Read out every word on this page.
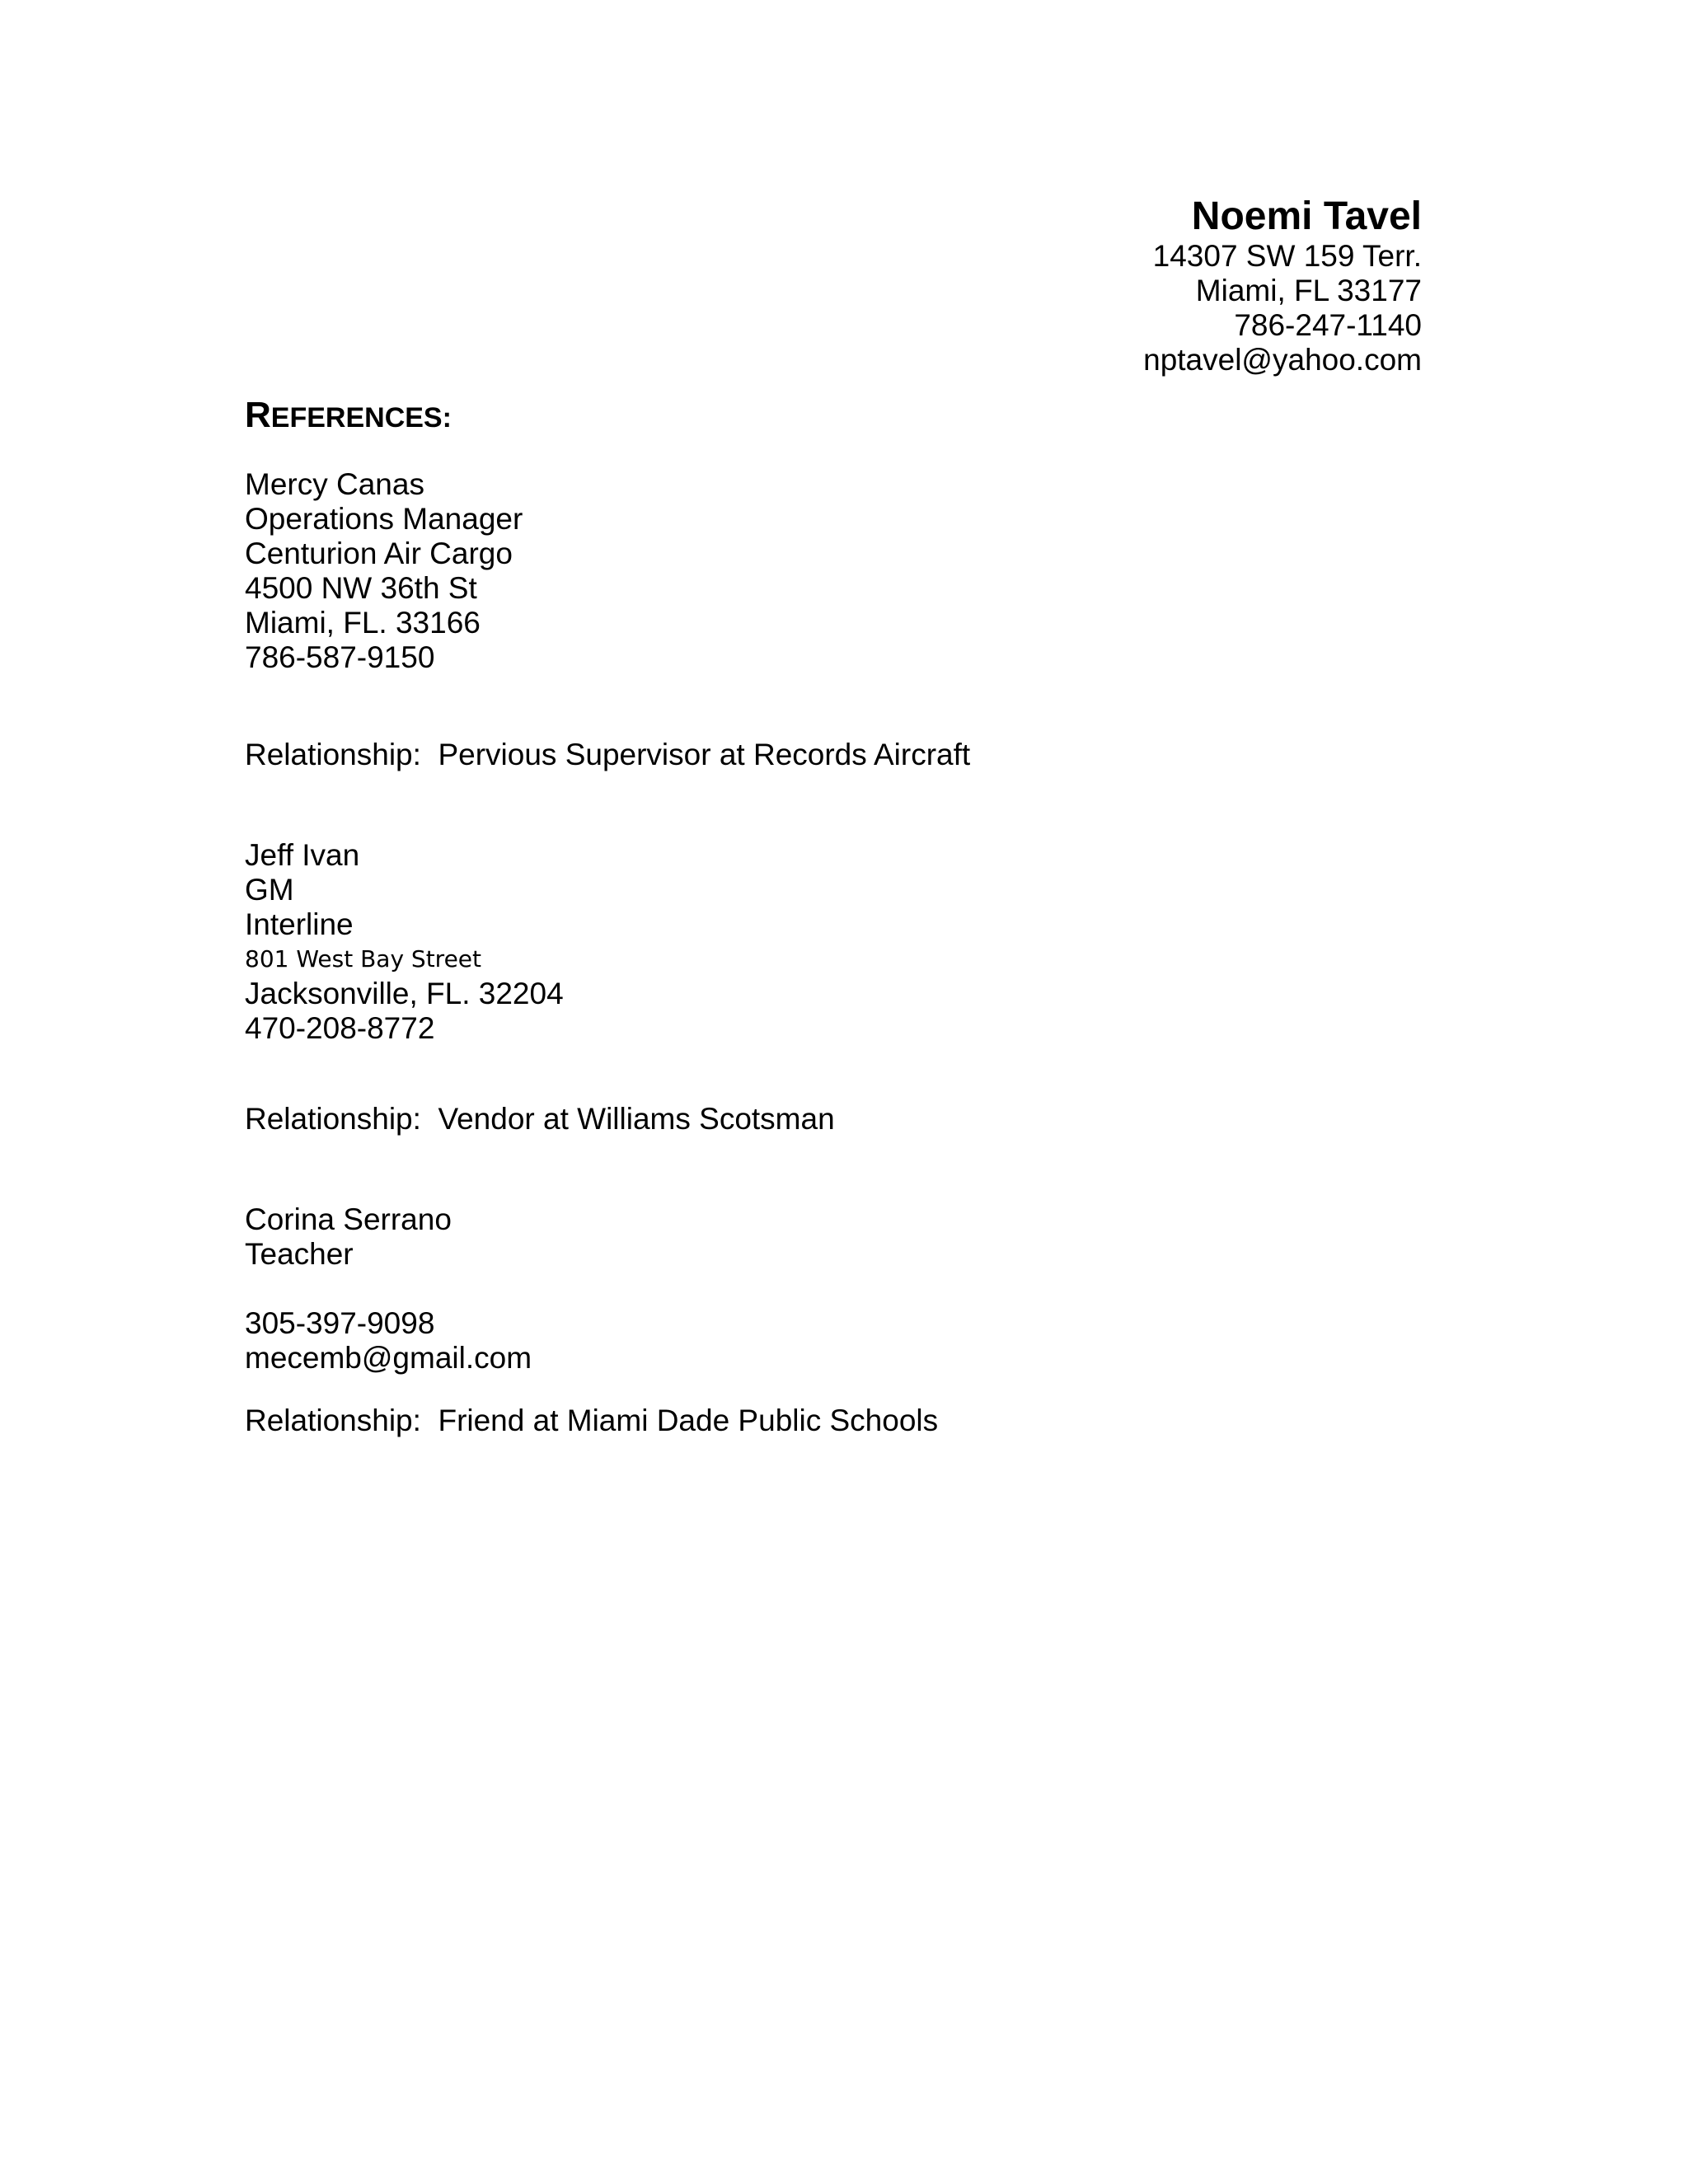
Noemi Tavel
14307 SW 159 Terr.
Miami, FL 33177
786-247-1140
nptavel@yahoo.com
REFERENCES:
Mercy Canas
Operations Manager
Centurion Air Cargo
4500 NW 36th St
Miami, FL. 33166
786-587-9150
Relationship:  Pervious Supervisor at Records Aircraft
Jeff Ivan
GM
Interline
801 West Bay Street
Jacksonville, FL. 32204
470-208-8772
Relationship:  Vendor at Williams Scotsman
Corina Serrano
Teacher
305-397-9098
mecemb@gmail.com
Relationship:  Friend at Miami Dade Public Schools
